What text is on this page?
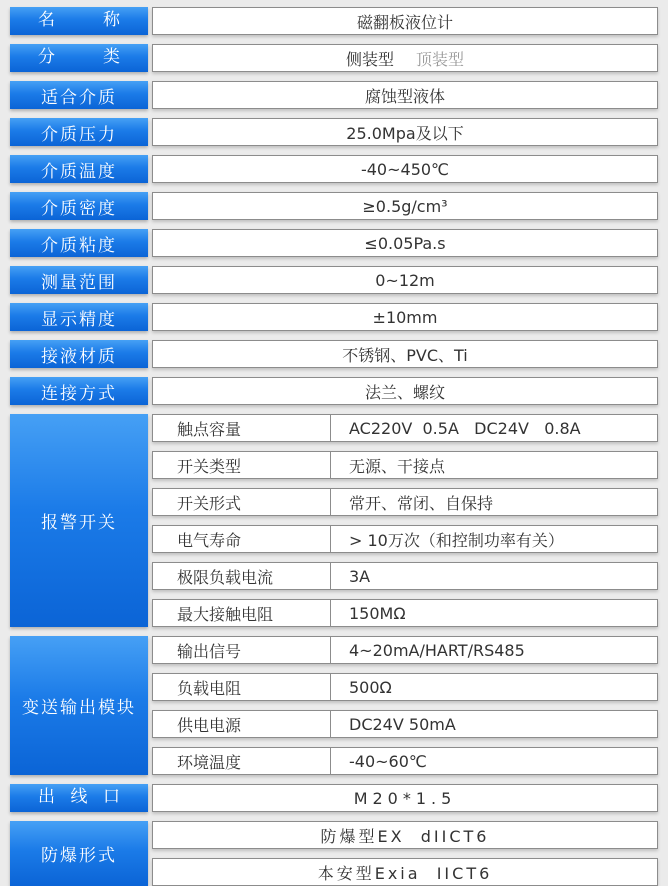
名称	磁翻板液位计
分类	侧装型 顶装型
适合介质	腐蚀型液体
介质压力	25.0Mpa及以下
介质温度	-40~450℃
介质密度	≥0.5g/cm³
介质粘度	≤0.05Pa.s
测量范围	0~12m
显示精度	±10mm
接液材质	不锈钢、PVC、Ti
连接方式	法兰、螺纹
报警开关
触点容量	AC220V  0.5A   DC24V   0.8A
开关类型	无源、干接点
开关形式	常开、常闭、自保持
电气寿命	> 10万次（和控制功率有关）
极限负载电流	3A
最大接触电阻	150MΩ
变送输出模块
输出信号	4~20mA/HART/RS485
负载电阻	500Ω
供电电源	DC24V 50mA
环境温度	-40~60℃
出线口	M20*1.5
防爆形式
防爆型EX  dIICT6
本安型Exia  IICT6
